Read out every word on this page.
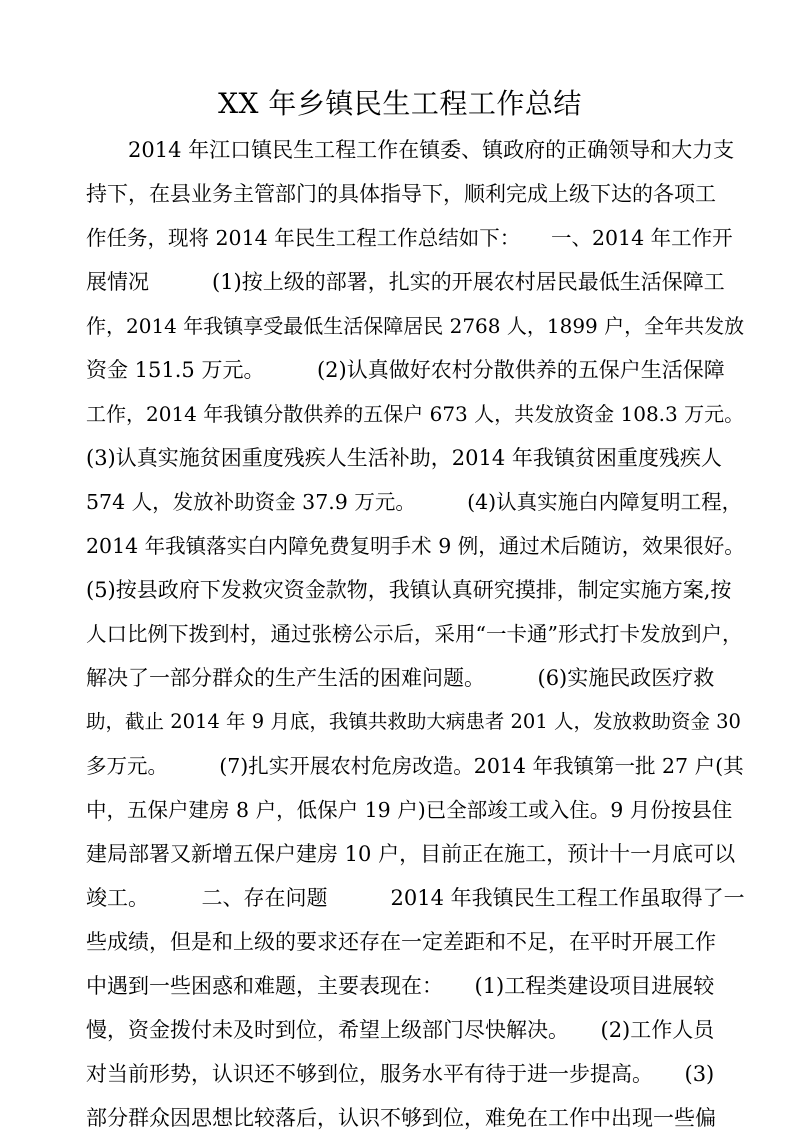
XX 年乡镇民生工程工作总结
2014 年江口镇民生工程工作在镇委、镇政府的正确领导和大力支
持下，在县业务主管部门的具体指导下，顺利完成上级下达的各项工
作任务，现将 2014 年民生工程工作总结如下：　　一、2014 年工作开
展情况　　　(1)按上级的部署，扎实的开展农村居民最低生活保障工
作，2014 年我镇享受最低生活保障居民 2768 人，1899 户，全年共发放
资金 151.5 万元。　　　(2)认真做好农村分散供养的五保户生活保障
工作，2014 年我镇分散供养的五保户 673 人，共发放资金 108.3 万元。
(3)认真实施贫困重度残疾人生活补助，2014 年我镇贫困重度残疾人
574 人，发放补助资金 37.9 万元。　　　(4)认真实施白内障复明工程，
2014 年我镇落实白内障免费复明手术 9 例，通过术后随访，效果很好。
(5)按县政府下发救灾资金款物，我镇认真研究摸排，制定实施方案,按
人口比例下拨到村，通过张榜公示后，采用“一卡通”形式打卡发放到户，
解决了一部分群众的生产生活的困难问题。　　　(6)实施民政医疗救
助，截止 2014 年 9 月底，我镇共救助大病患者 201 人，发放救助资金 30
多万元。　　　(7)扎实开展农村危房改造。2014 年我镇第一批 27 户(其
中，五保户建房 8 户，低保户 19 户)已全部竣工或入住。9 月份按县住
建局部署又新增五保户建房 10 户，目前正在施工，预计十一月底可以
竣工。　　　二、存在问题　　　2014 年我镇民生工程工作虽取得了一
些成绩，但是和上级的要求还存在一定差距和不足，在平时开展工作
中遇到一些困惑和难题，主要表现在：　　(1)工程类建设项目进展较
慢，资金拨付未及时到位，希望上级部门尽快解决。　　(2)工作人员
对当前形势，认识还不够到位，服务水平有待于进一步提高。　　(3)
部分群众因思想比较落后，认识不够到位，难免在工作中出现一些偏
